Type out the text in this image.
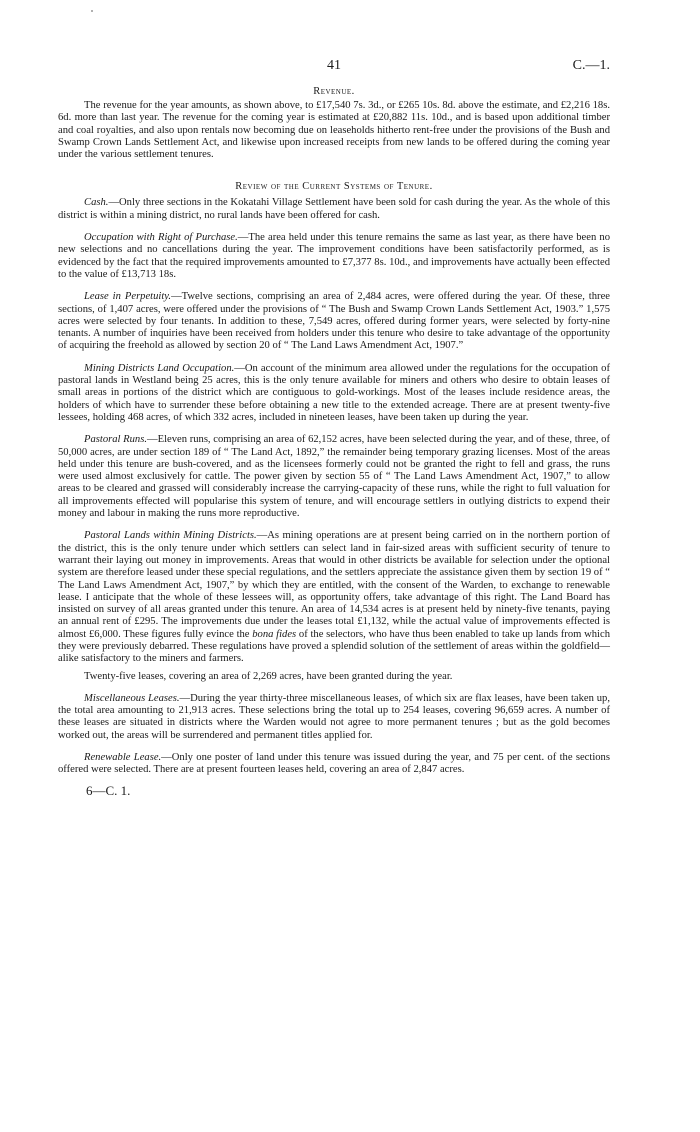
41	C.—1.
Revenue.

The revenue for the year amounts, as shown above, to £17,540 7s. 3d., or £265 10s. 8d. above the estimate, and £2,216 18s. 6d. more than last year. The revenue for the coming year is estimated at £20,882 11s. 10d., and is based upon additional timber and coal royalties, and also upon rentals now becoming due on leaseholds hitherto rent-free under the provisions of the Bush and Swamp Crown Lands Settlement Act, and likewise upon increased receipts from new lands to be offered during the coming year under the various settlement tenures.

Review of the Current Systems of Tenure.

Cash.—Only three sections in the Kokatahi Village Settlement have been sold for cash during the year. As the whole of this district is within a mining district, no rural lands have been offered for cash.

Occupation with Right of Purchase.—The area held under this tenure remains the same as last year, as there have been no new selections and no cancellations during the year. The improvement conditions have been satisfactorily performed, as is evidenced by the fact that the required improvements amounted to £7,377 8s. 10d., and improvements have actually been effected to the value of £13,713 18s.

Lease in Perpetuity.—Twelve sections, comprising an area of 2,484 acres, were offered during the year. Of these, three sections, of 1,407 acres, were offered under the provisions of “ The Bush and Swamp Crown Lands Settlement Act, 1903.” 1,575 acres were selected by four tenants. In addition to these, 7,549 acres, offered during former years, were selected by forty-nine tenants. A number of inquiries have been received from holders under this tenure who desire to take advantage of the opportunity of acquiring the freehold as allowed by section 20 of “ The Land Laws Amendment Act, 1907.”

Mining Districts Land Occupation.—On account of the minimum area allowed under the regulations for the occupation of pastoral lands in Westland being 25 acres, this is the only tenure available for miners and others who desire to obtain leases of small areas in portions of the district which are contiguous to gold-workings. Most of the leases include residence areas, the holders of which have to surrender these before obtaining a new title to the extended acreage. There are at present twenty-five lessees, holding 468 acres, of which 332 acres, included in nineteen leases, have been taken up during the year.

Pastoral Runs.—Eleven runs, comprising an area of 62,152 acres, have been selected during the year, and of these, three, of 50,000 acres, are under section 189 of “ The Land Act, 1892,” the remainder being temporary grazing licenses. Most of the areas held under this tenure are bush-covered, and as the licensees formerly could not be granted the right to fell and grass, the runs were used almost exclusively for cattle. The power given by section 55 of “ The Land Laws Amendment Act, 1907,” to allow areas to be cleared and grassed will considerably increase the carrying-capacity of these runs, while the right to full valuation for all improvements effected will popularise this system of tenure, and will encourage settlers in outlying districts to expend their money and labour in making the runs more reproductive.

Pastoral Lands within Mining Districts.—As mining operations are at present being carried on in the northern portion of the district, this is the only tenure under which settlers can select land in fair-sized areas with sufficient security of tenure to warrant their laying out money in improvements. Areas that would in other districts be available for selection under the optional system are therefore leased under these special regulations, and the settlers appreciate the assistance given them by section 19 of “ The Land Laws Amendment Act, 1907,” by which they are entitled, with the consent of the Warden, to exchange to renewable lease. I anticipate that the whole of these lessees will, as opportunity offers, take advantage of this right. The Land Board has insisted on survey of all areas granted under this tenure. An area of 14,534 acres is at present held by ninety-five tenants, paying an annual rent of £295. The improvements due under the leases total £1,132, while the actual value of improvements effected is almost £6,000. These figures fully evince the bona fides of the selectors, who have thus been enabled to take up lands from which they were previously debarred. These regulations have proved a splendid solution of the settlement of areas within the goldfield—alike satisfactory to the miners and farmers.

Twenty-five leases, covering an area of 2,269 acres, have been granted during the year.

Miscellaneous Leases.—During the year thirty-three miscellaneous leases, of which six are flax leases, have been taken up, the total area amounting to 21,913 acres. These selections bring the total up to 254 leases, covering 96,659 acres. A number of these leases are situated in districts where the Warden would not agree to more permanent tenures ; but as the gold becomes worked out, the areas will be surrendered and permanent titles applied for.

Renewable Lease.—Only one poster of land under this tenure was issued during the year, and 75 per cent. of the sections offered were selected. There are at present fourteen leases held, covering an area of 2,847 acres.

6—C. 1.
